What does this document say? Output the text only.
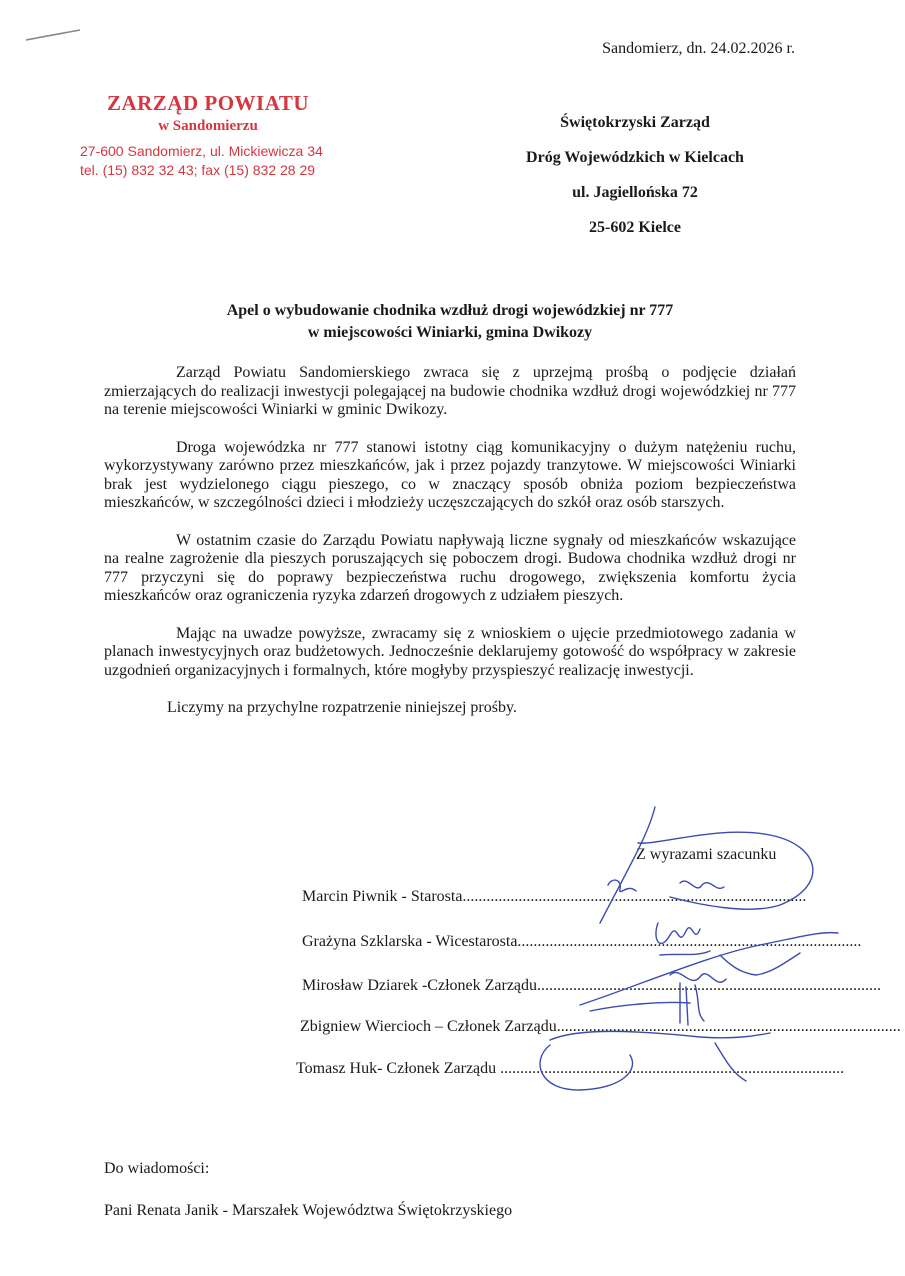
Sandomierz, dn. 24.02.2026 r.
ZARZĄD POWIATU
w Sandomierzu
27-600 Sandomierz, ul. Mickiewicza 34
tel. (15) 832 32 43; fax (15) 832 28 29
Świętokrzyski Zarząd
Dróg Wojewódzkich w Kielcach
ul. Jagiellońska 72
25-602 Kielce
Apel o wybudowanie chodnika wzdłuż drogi wojewódzkiej nr 777
w miejscowości Winiarki, gmina Dwikozy

Zarząd Powiatu Sandomierskiego zwraca się z uprzejmą prośbą o podjęcie działań zmierzających do realizacji inwestycji polegającej na budowie chodnika wzdłuż drogi wojewódzkiej nr 777 na terenie miejscowości Winiarki w gminic Dwikozy.

Droga wojewódzka nr 777 stanowi istotny ciąg komunikacyjny o dużym natężeniu ruchu, wykorzystywany zarówno przez mieszkańców, jak i przez pojazdy tranzytowe. W miejscowości Winiarki brak jest wydzielonego ciągu pieszego, co w znaczący sposób obniża poziom bezpieczeństwa mieszkańców, w szczególności dzieci i młodzieży uczęszczających do szkół oraz osób starszych.

W ostatnim czasie do Zarządu Powiatu napływają liczne sygnały od mieszkańców wskazujące na realne zagrożenie dla pieszych poruszających się poboczem drogi. Budowa chodnika wzdłuż drogi nr 777 przyczyni się do poprawy bezpieczeństwa ruchu drogowego, zwiększenia komfortu życia mieszkańców oraz ograniczenia ryzyka zdarzeń drogowych z udziałem pieszych.

Mając na uwadze powyższe, zwracamy się z wnioskiem o ujęcie przedmiotowego zadania w planach inwestycyjnych oraz budżetowych. Jednocześnie deklarujemy gotowość do współpracy w zakresie uzgodnień organizacyjnych i formalnych, które mogłyby przyspieszyć realizację inwestycji.

Liczymy na przychylne rozpatrzenie niniejszej prośby.

Z wyrazami szacunku
Marcin Piwnik - Starosta......................................................................................
Grażyna Szklarska - Wicestarosta......................................................................................
Mirosław Dziarek -Członek Zarządu......................................................................................
Zbigniew Wiercioch – Członek Zarządu......................................................................................
Tomasz Huk- Członek Zarządu ......................................................................................
Do wiadomości:
Pani Renata Janik - Marszałek Województwa Świętokrzyskiego
